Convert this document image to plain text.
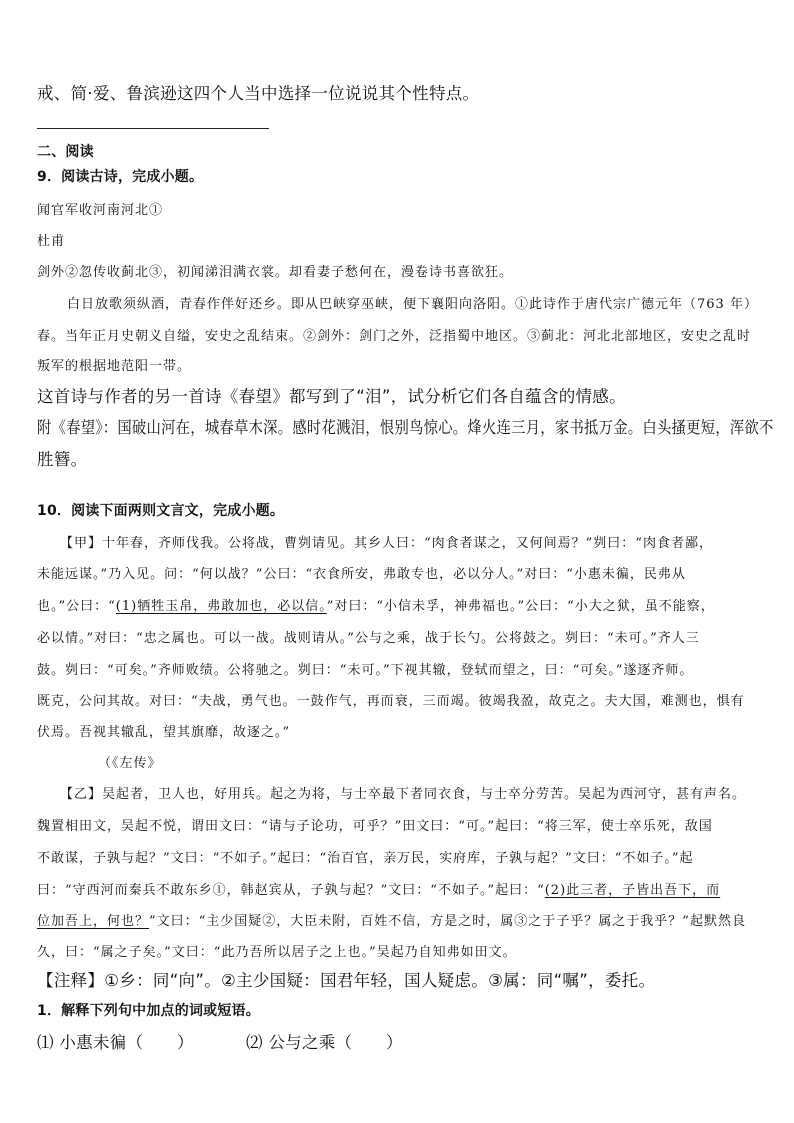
戒、简·爱、鲁滨逊这四个人当中选择一位说说其个性特点。
二、阅读
9．阅读古诗，完成小题。
闻官军收河南河北①
杜甫
剑外②忽传收蓟北③，初闻涕泪满衣裳。却看妻子愁何在，漫卷诗书喜欲狂。
白日放歌须纵酒，青春作伴好还乡。即从巴峡穿巫峡，便下襄阳向洛阳。①此诗作于唐代宗广德元年（763 年）
春。当年正月史朝义自缢，安史之乱结束。②剑外：剑门之外，泛指蜀中地区。③蓟北：河北北部地区，安史之乱时
叛军的根据地范阳一带。
这首诗与作者的另一首诗《春望》都写到了“泪”，试分析它们各自蕴含的情感。
附《春望》：国破山河在，城春草木深。感时花溅泪，恨别鸟惊心。烽火连三月，家书抵万金。白头搔更短，浑欲不
胜簪。
10．阅读下面两则文言文，完成小题。
【甲】十年春，齐师伐我。公将战，曹刿请见。其乡人曰：“肉食者谋之，又何间焉？”刿曰：“肉食者鄙，
未能远谋。”乃入见。问：“何以战？”公曰：“衣食所安，弗敢专也，必以分人。”对曰：“小惠未徧，民弗从
也。”公曰：“(1)牺牲玉帛，弗敢加也，必以信。”对曰：“小信未孚，神弗福也。”公曰：“小大之狱，虽不能察，
必以情。”对曰：“忠之属也。可以一战。战则请从。”公与之乘，战于长勺。公将鼓之。刿曰：“未可。”齐人三
鼓。刿曰：“可矣。”齐师败绩。公将驰之。刿曰：“未可。”下视其辙，登轼而望之，曰：“可矣。”遂逐齐师。
既克，公问其故。对曰：“夫战，勇气也。一鼓作气，再而衰，三而竭。彼竭我盈，故克之。夫大国，难测也，惧有
伏焉。吾视其辙乱，望其旗靡，故逐之。”
（《左传》
【乙】吴起者，卫人也，好用兵。起之为将，与士卒最下者同衣食，与士卒分劳苦。吴起为西河守，甚有声名。
魏置相田文，吴起不悦，谓田文曰：“请与子论功，可乎？”田文曰：“可。”起曰：“将三军，使士卒乐死，敌国
不敢谋，子孰与起？”文曰：“不如子。”起曰：“治百官，亲万民，实府库，子孰与起？”文曰：“不如子。”起
曰：“守西河而秦兵不敢东乡①，韩赵宾从，子孰与起？”文曰：“不如子。”起曰：“(2)此三者，子皆出吾下，而
位加吾上，何也？”文曰：“主少国疑②，大臣未附，百姓不信，方是之时，属③之于子乎？属之于我乎？”起默然良
久，曰：“属之子矣。”文曰：“此乃吾所以居子之上也。”吴起乃自知弗如田文。
【注释】①乡：同“向”。②主少国疑：国君年轻，国人疑虑。③属：同“嘱”，委托。
1．解释下列句中加点的词或短语。
⑴ 小惠未徧（　　）	⑵ 公与之乘（　　）
